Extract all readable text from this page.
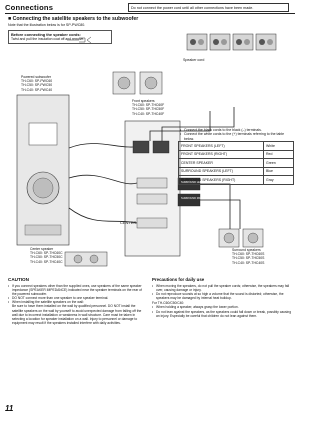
Connections	Do not connect the power cord until all other connections have been made.
■ Connecting the satellite speakers to the subwoofer
Note that the illustration below is for SP-PWC80.
Before connecting the speaker cords:
Twist and pull the insulation coat off and remove.
CENTER
SURROUND LEFT
SURROUND RIGHT
Speaker cord
Powered subwoofer
TH-C60: SP-PWC60
TH-C50: SP-PWC50
TH-C40: SP-PWC40
Front speakers
TH-C60: SP-THC60F
TH-C50: SP-THC50F
TH-C40: SP-THC40F
Center speaker
TH-C60: SP-THC60C
TH-C50: SP-THC50C
TH-C40: SP-THC40C
Surround speakers
TH-C60: SP-THC60S
TH-C50: SP-THC50S
TH-C40: SP-THC40S
• Connect the black cords to the black (–) terminals.
• Connect the white cords to the (+) terminals referring to the table below.
FRONT SPEAKERS (LEFT)	White
FRONT SPEAKERS (RIGHT)	Red
CENTER SPEAKER	Green
SURROUND SPEAKERS (LEFT)	Blue
SURROUND SPEAKERS (RIGHT)	Gray
CAUTION
• If you connect speakers other than the supplied ones, use speakers of the same speaker impedance (SPEAKER IMPEDANCE) indicated near the speaker terminals on the rear of the powered subwoofer.
• DO NOT connect more than one speaker to one speaker terminal.
• When installing the satellite speakers on the wall:
Be sure to have them installed on the wall by qualified personnel. DO NOT install the satellite speakers on the wall by yourself to avoid unexpected damage from falling off the wall due to incorrect installation or weakness in wall structure. Care must be taken in selecting a location for speaker installation on a wall. Injury to personnel or damage to equipment may result if the speakers installed interfere with daily activities.
Precautions for daily use
• When moving the speakers, do not pull the speaker cords; otherwise, the speakers may fall over, causing damage or injury.
• Do not reproduce sounds at so high a volume that the sound is distorted; otherwise, the speakers may be damaged by internal heat buildup.
For TH-C60/C50/C40:
• When holding a speaker, always grasp the lower portion.
• Do not lean against the speakers, as the speakers could fall down or break, possibly causing an injury. Especially be careful that children do not lean against them.
11
